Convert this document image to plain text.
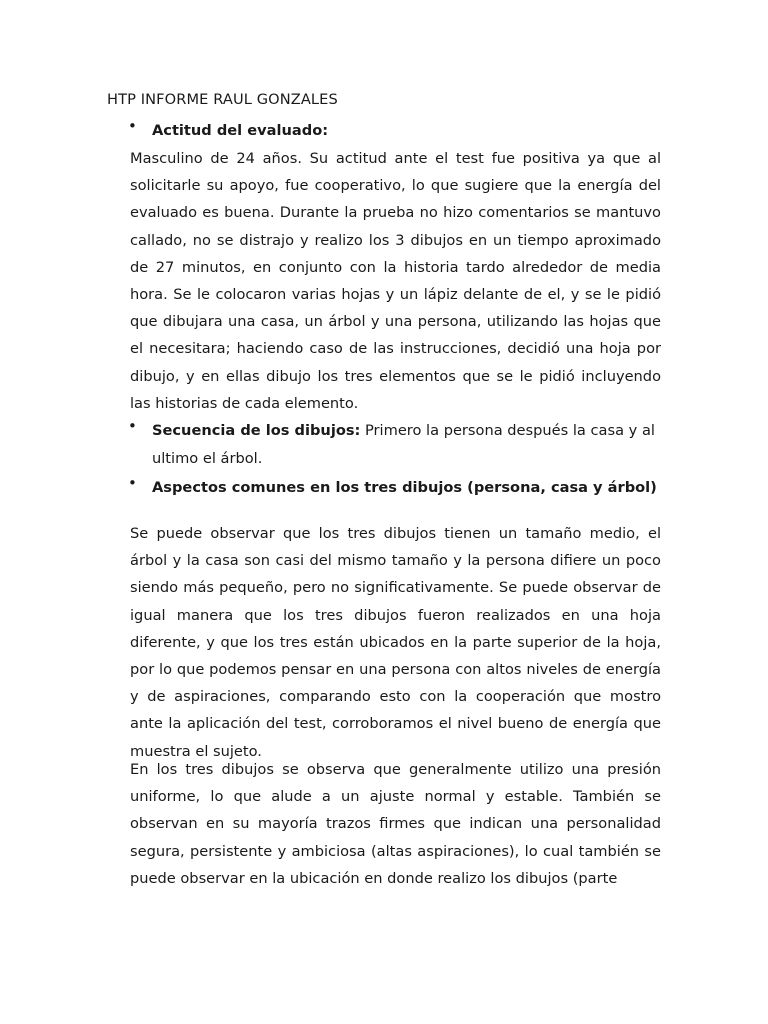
HTP INFORME RAUL GONZALES
• Actitud del evaluado:

Masculino de 24 años. Su actitud ante el test fue positiva ya que al solicitarle su apoyo, fue cooperativo, lo que sugiere que la energía del evaluado es buena. Durante la prueba no hizo comentarios se mantuvo callado, no se distrajo y realizo los 3 dibujos en un tiempo aproximado de 27 minutos, en conjunto con la historia tardo alrededor de media hora. Se le colocaron varias hojas y un lápiz delante de el, y se le pidió que dibujara una casa, un árbol y una persona, utilizando las hojas que el necesitara; haciendo caso de las instrucciones, decidió una hoja por dibujo, y en ellas dibujo los tres elementos que se le pidió incluyendo las historias de cada elemento.

• Secuencia de los dibujos: Primero la persona después la casa y al ultimo el árbol.
• Aspectos comunes en los tres dibujos (persona, casa y árbol)

Se puede observar que los tres dibujos tienen un tamaño medio, el árbol y la casa son casi del mismo tamaño y la persona difiere un poco siendo más pequeño, pero no significativamente. Se puede observar de igual manera que los tres dibujos fueron realizados en una hoja diferente, y que los tres están ubicados en la parte superior de la hoja, por lo que podemos pensar en una persona con altos niveles de energía y de aspiraciones, comparando esto con la cooperación que mostro ante la aplicación del test, corroboramos el nivel bueno de energía que muestra el sujeto.

En los tres dibujos se observa que generalmente utilizo una presión uniforme, lo que alude a un ajuste normal y estable. También se observan en su mayoría trazos firmes que indican una personalidad segura, persistente y ambiciosa (altas aspiraciones), lo cual también se puede observar en la ubicación en donde realizo los dibujos (parte
